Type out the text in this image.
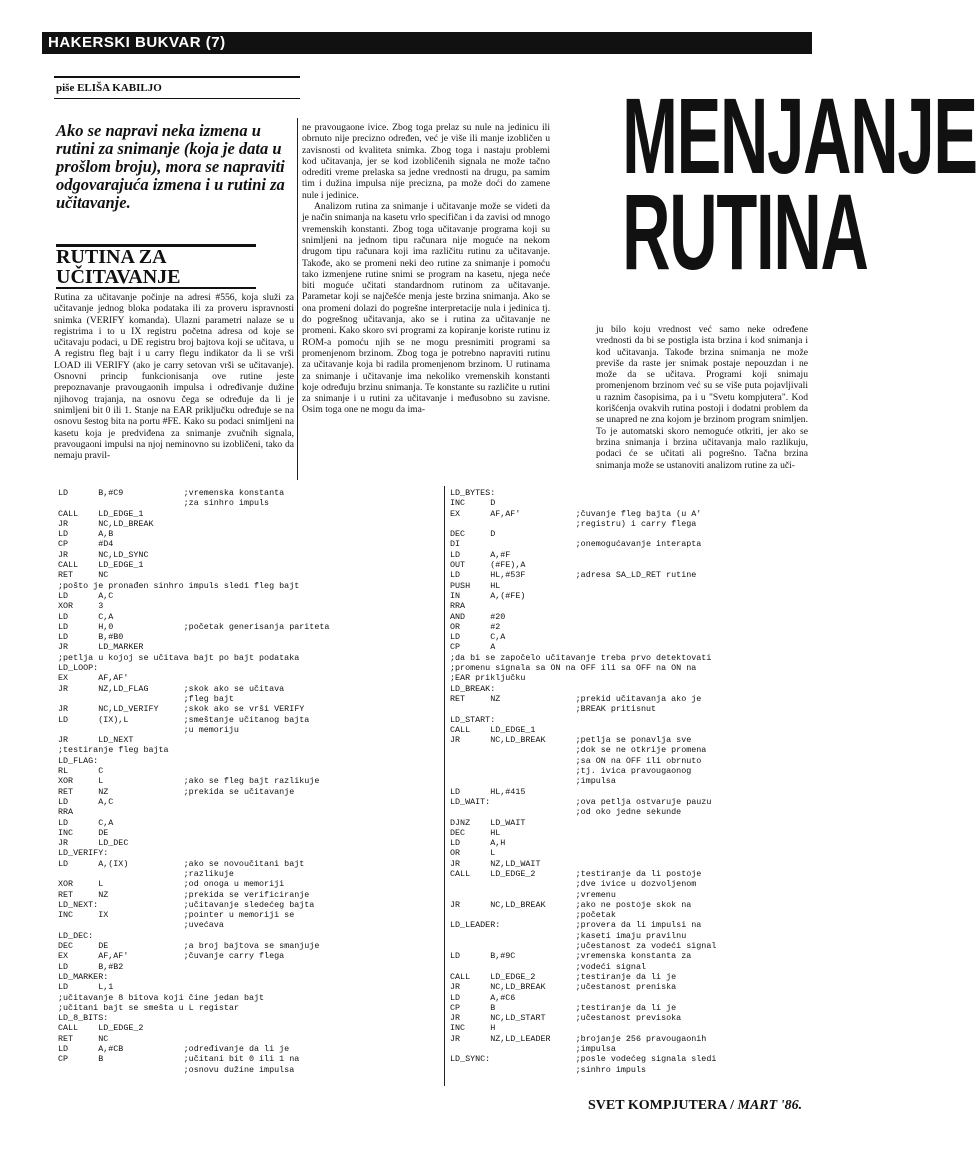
HAKERSKI BUKVAR (7)
piše ELIŠA KABILJO
Ako se napravi neka izmena u rutini za snimanje (koja je data u prošlom broju), mora se napraviti odgovarajuća izmena i u rutini za učitavanje.
RUTINA ZA UČITAVANJE
Rutina za učitavanje počinje na adresi #556, koja služi za učitavanje jednog bloka podataka ili za proveru ispravnosti snimka (VERIFY komanda). Ulazni parametri nalaze se u registrima i to u IX registru početna adresa od koje se učitavaju podaci, u DE registru broj bajtova koji se učitava, u A registru fleg bajt i u carry flegu indikator da li se vrši LOAD ili VERIFY (ako je carry setovan vrši se učitavanje). Osnovni princip funkcionisanja ove rutine jeste prepoznavanje pravougaonih impulsa i određivanje dužine njihovog trajanja, na osnovu čega se određuje da li je snimljeni bit 0 ili 1. Stanje na EAR priključku određuje se na osnovu šestog bita na portu #FE. Kako su podaci snimljeni na kasetu koja je predviđena za snimanje zvučnih signala, pravougaoni impulsi na njoj neminovno su izobličeni, tako da nemaju pravil-
ne pravougaone ivice. Zbog toga prelaz su nule na jedinicu ili obrnuto nije precizno određen, već je više ili manje izobličen u zavisnosti od kvaliteta snimka. Zbog toga i nastaju problemi kod učitavanja, jer se kod izobličenih signala ne može tačno odrediti vreme prelaska sa jedne vrednosti na drugu, pa samim tim i dužina impulsa nije precizna, pa može doći do zamene nule i jedinice.
Analizom rutina za snimanje i učitavanje može se videti da je način snimanja na kasetu vrlo specifičan i da zavisi od mnogo vremenskih konstanti. Zbog toga učitavanje programa koji su snimljeni na jednom tipu računara nije moguće na nekom drugom tipu računara koji ima različitu rutinu za učitavanje. Takođe, ako se promeni neki deo rutine za snimanje i pomoću tako izmenjene rutine snimi se program na kasetu, njega neće biti moguće učitati standardnom rutinom za učitavanje. Parametar koji se najčešće menja jeste brzina snimanja. Ako se ona promeni dolazi do pogrešne interpretacije nula i jedinica tj. do pogrešnog učitavanja, ako se i rutina za učitavanje ne promeni. Kako skoro svi programi za kopiranje koriste rutinu iz ROM-a pomoću njih se ne mogu presnimiti programi sa promenjenom brzinom. Zbog toga je potrebno napraviti rutinu za učitavanje koja bi radila promenjenom brzinom. U rutinama za snimanje i učitavanje ima nekoliko vremenskih konstanti koje određuju brzinu snimanja. Te konstante su različite u rutini za snimanje i u rutini za učitavanje i međusobno su zavisne. Osim toga one ne mogu da ima-
MENJANJE
RUTINA
ju bilo koju vrednost već samo neke određene vrednosti da bi se postigla ista brzina i kod snimanja i kod učitavanja. Takođe brzina snimanja ne može previše da raste jer snimak postaje nepouzdan i ne može da se učitava. Programi koji snimaju promenjenom brzinom već su se više puta pojavljivali u raznim časopisima, pa i u "Svetu kompjutera". Kod korišćenja ovakvih rutina postoji i dodatni problem da se unapred ne zna kojom je brzinom program snimljen. To je automatski skoro nemoguće otkriti, jer ako se brzina snimanja i brzina učitavanja malo razlikuju, podaci će se učitati ali pogrešno. Tačna brzina snimanja može se ustanoviti analizom rutine za uči-
LD      B,#C9            ;vremenska konstanta
;za sinhro impuls
CALL    LD_EDGE_1
JR      NC,LD_BREAK
LD      A,B
CP      #D4
JR      NC,LD_SYNC
CALL    LD_EDGE_1
RET     NC
;pošto je pronađen sinhro impuls sledi fleg bajt
LD      A,C
XOR     3
LD      C,A
LD      H,0              ;početak generisanja pariteta
LD      B,#B0
JR      LD_MARKER
;petlja u kojoj se učitava bajt po bajt podataka
LD_LOOP:
EX      AF,AF'
JR      NZ,LD_FLAG       ;skok ako se učitava
;fleg bajt
JR      NC,LD_VERIFY     ;skok ako se vrši VERIFY
LD      (IX),L           ;smeštanje učitanog bajta
;u memoriju
JR      LD_NEXT
;testiranje fleg bajta
LD_FLAG:
RL      C
XOR     L                ;ako se fleg bajt razlikuje
RET     NZ               ;prekida se učitavanje
LD      A,C
RRA
LD      C,A
INC     DE
JR      LD_DEC
LD_VERIFY:
LD      A,(IX)           ;ako se novoučitani bajt
;razlikuje
XOR     L                ;od onoga u memoriji
RET     NZ               ;prekida se verificiranje
LD_NEXT:                 ;učitavanje sledećeg bajta
INC     IX               ;pointer u memoriji se
;uvećava
LD_DEC:
DEC     DE               ;a broj bajtova se smanjuje
EX      AF,AF'           ;čuvanje carry flega
LD      B,#B2
LD_MARKER:
LD      L,1
;učitavanje 8 bitova koji čine jedan bajt
;učitani bajt se smešta u L registar
LD_8_BITS:
CALL    LD_EDGE_2
RET     NC
LD      A,#CB            ;određivanje da li je
CP      B                ;učitani bit 0 ili 1 na
;osnovu dužine impulsa
LD_BYTES:
INC     D
EX      AF,AF'           ;čuvanje fleg bajta (u A'
;registru) i carry flega
DEC     D
DI                       ;onemogućavanje interapta
LD      A,#F
OUT     (#FE),A
LD      HL,#53F          ;adresa SA_LD_RET rutine
PUSH    HL
IN      A,(#FE)
RRA
AND     #20
OR      #2
LD      C,A
CP      A
;da bi se započelo učitavanje treba prvo detektovati
;promenu signala sa ON na OFF ili sa OFF na ON na
;EAR priključku
LD_BREAK:
RET     NZ               ;prekid učitavanja ako je
;BREAK pritisnut
LD_START:
CALL    LD_EDGE_1
JR      NC,LD_BREAK      ;petlja se ponavlja sve
;dok se ne otkrije promena
;sa ON na OFF ili obrnuto
;tj. ivica pravougaonog
;impulsa
LD      HL,#415
LD_WAIT:                 ;ova petlja ostvaruje pauzu
;od oko jedne sekunde
DJNZ    LD_WAIT
DEC     HL
LD      A,H
OR      L
JR      NZ,LD_WAIT
CALL    LD_EDGE_2        ;testiranje da li postoje
;dve ivice u dozvoljenom
;vremenu
JR      NC,LD_BREAK      ;ako ne postoje skok na
;početak
LD_LEADER:               ;provera da li impulsi na
;kaseti imaju pravilnu
;učestanost za vodeći signal
LD      B,#9C            ;vremenska konstanta za
;vodeći signal
CALL    LD_EDGE_2        ;testiranje da li je
JR      NC,LD_BREAK      ;učestanost preniska
LD      A,#C6
CP      B                ;testiranje da li je
JR      NC,LD_START      ;učestanost previsoka
INC     H
JR      NZ,LD_LEADER     ;brojanje 256 pravougaonih
;impulsa
LD_SYNC:                 ;posle vodećeg signala sledi
;sinhro impuls
SVET KOMPJUTERA / MART '86.
